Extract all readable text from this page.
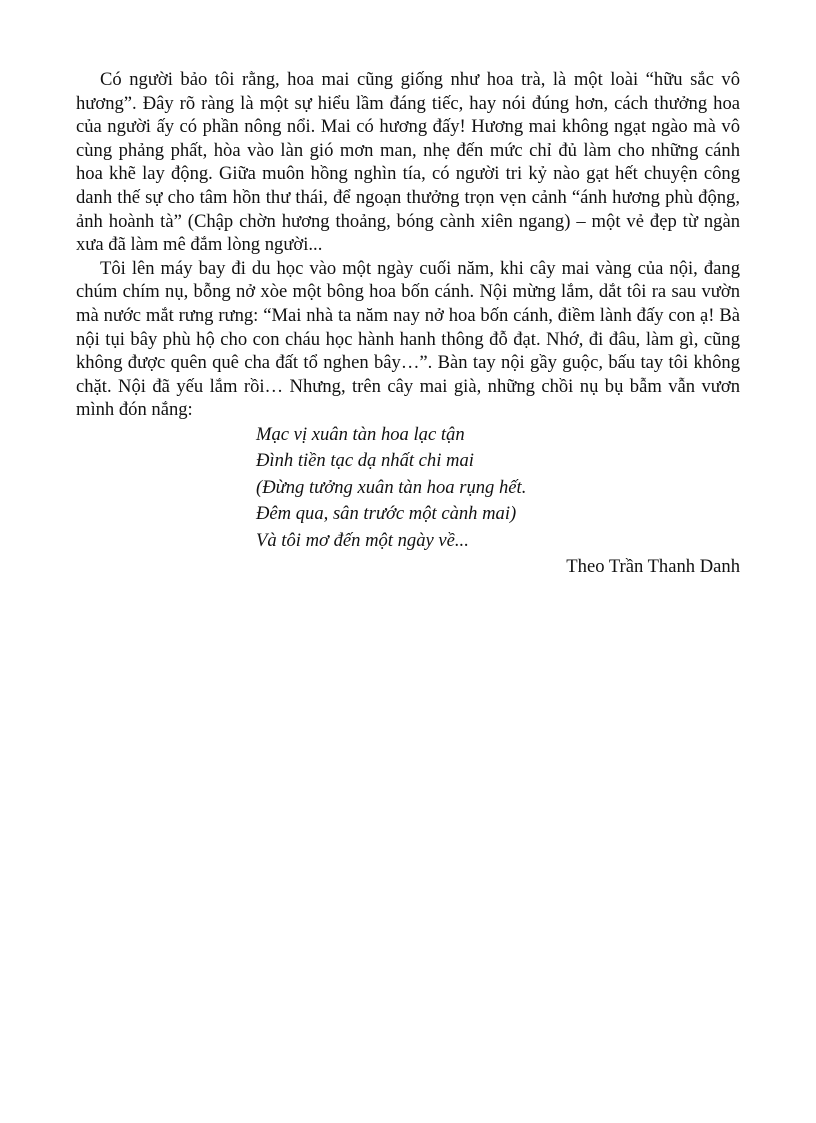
Có người bảo tôi rằng, hoa mai cũng giống như hoa trà, là một loài “hữu sắc vô hương”. Đây rõ ràng là một sự hiểu lầm đáng tiếc, hay nói đúng hơn, cách thưởng hoa của người ấy có phần nông nổi. Mai có hương đấy! Hương mai không ngạt ngào mà vô cùng phảng phất, hòa vào làn gió mơn man, nhẹ đến mức chỉ đủ làm cho những cánh hoa khẽ lay động. Giữa muôn hồng nghìn tía, có người tri kỷ nào gạt hết chuyện công danh thế sự cho tâm hồn thư thái, để ngoạn thưởng trọn vẹn cảnh “ánh hương phù động, ảnh hoành tà” (Chập chờn hương thoảng, bóng cành xiên ngang) – một vẻ đẹp từ ngàn xưa đã làm mê đắm lòng người...

Tôi lên máy bay đi du học vào một ngày cuối năm, khi cây mai vàng của nội, đang chúm chím nụ, bỗng nở xòe một bông hoa bốn cánh. Nội mừng lắm, dắt tôi ra sau vườn mà nước mắt rưng rưng: “Mai nhà ta năm nay nở hoa bốn cánh, điềm lành đấy con ạ! Bà nội tụi bây phù hộ cho con cháu học hành hanh thông đỗ đạt. Nhớ, đi đâu, làm gì, cũng không được quên quê cha đất tổ nghen bây…”. Bàn tay nội gầy guộc, bấu tay tôi không chặt. Nội đã yếu lắm rồi… Nhưng, trên cây mai già, những chồi nụ bụ bẫm vẫn vươn mình đón nắng:

Mạc vị xuân tàn hoa lạc tận
Đình tiền tạc dạ nhất chi mai
(Đừng tưởng xuân tàn hoa rụng hết.
Đêm qua, sân trước một cành mai)
Và tôi mơ đến một ngày về...

Theo Trần Thanh Danh
